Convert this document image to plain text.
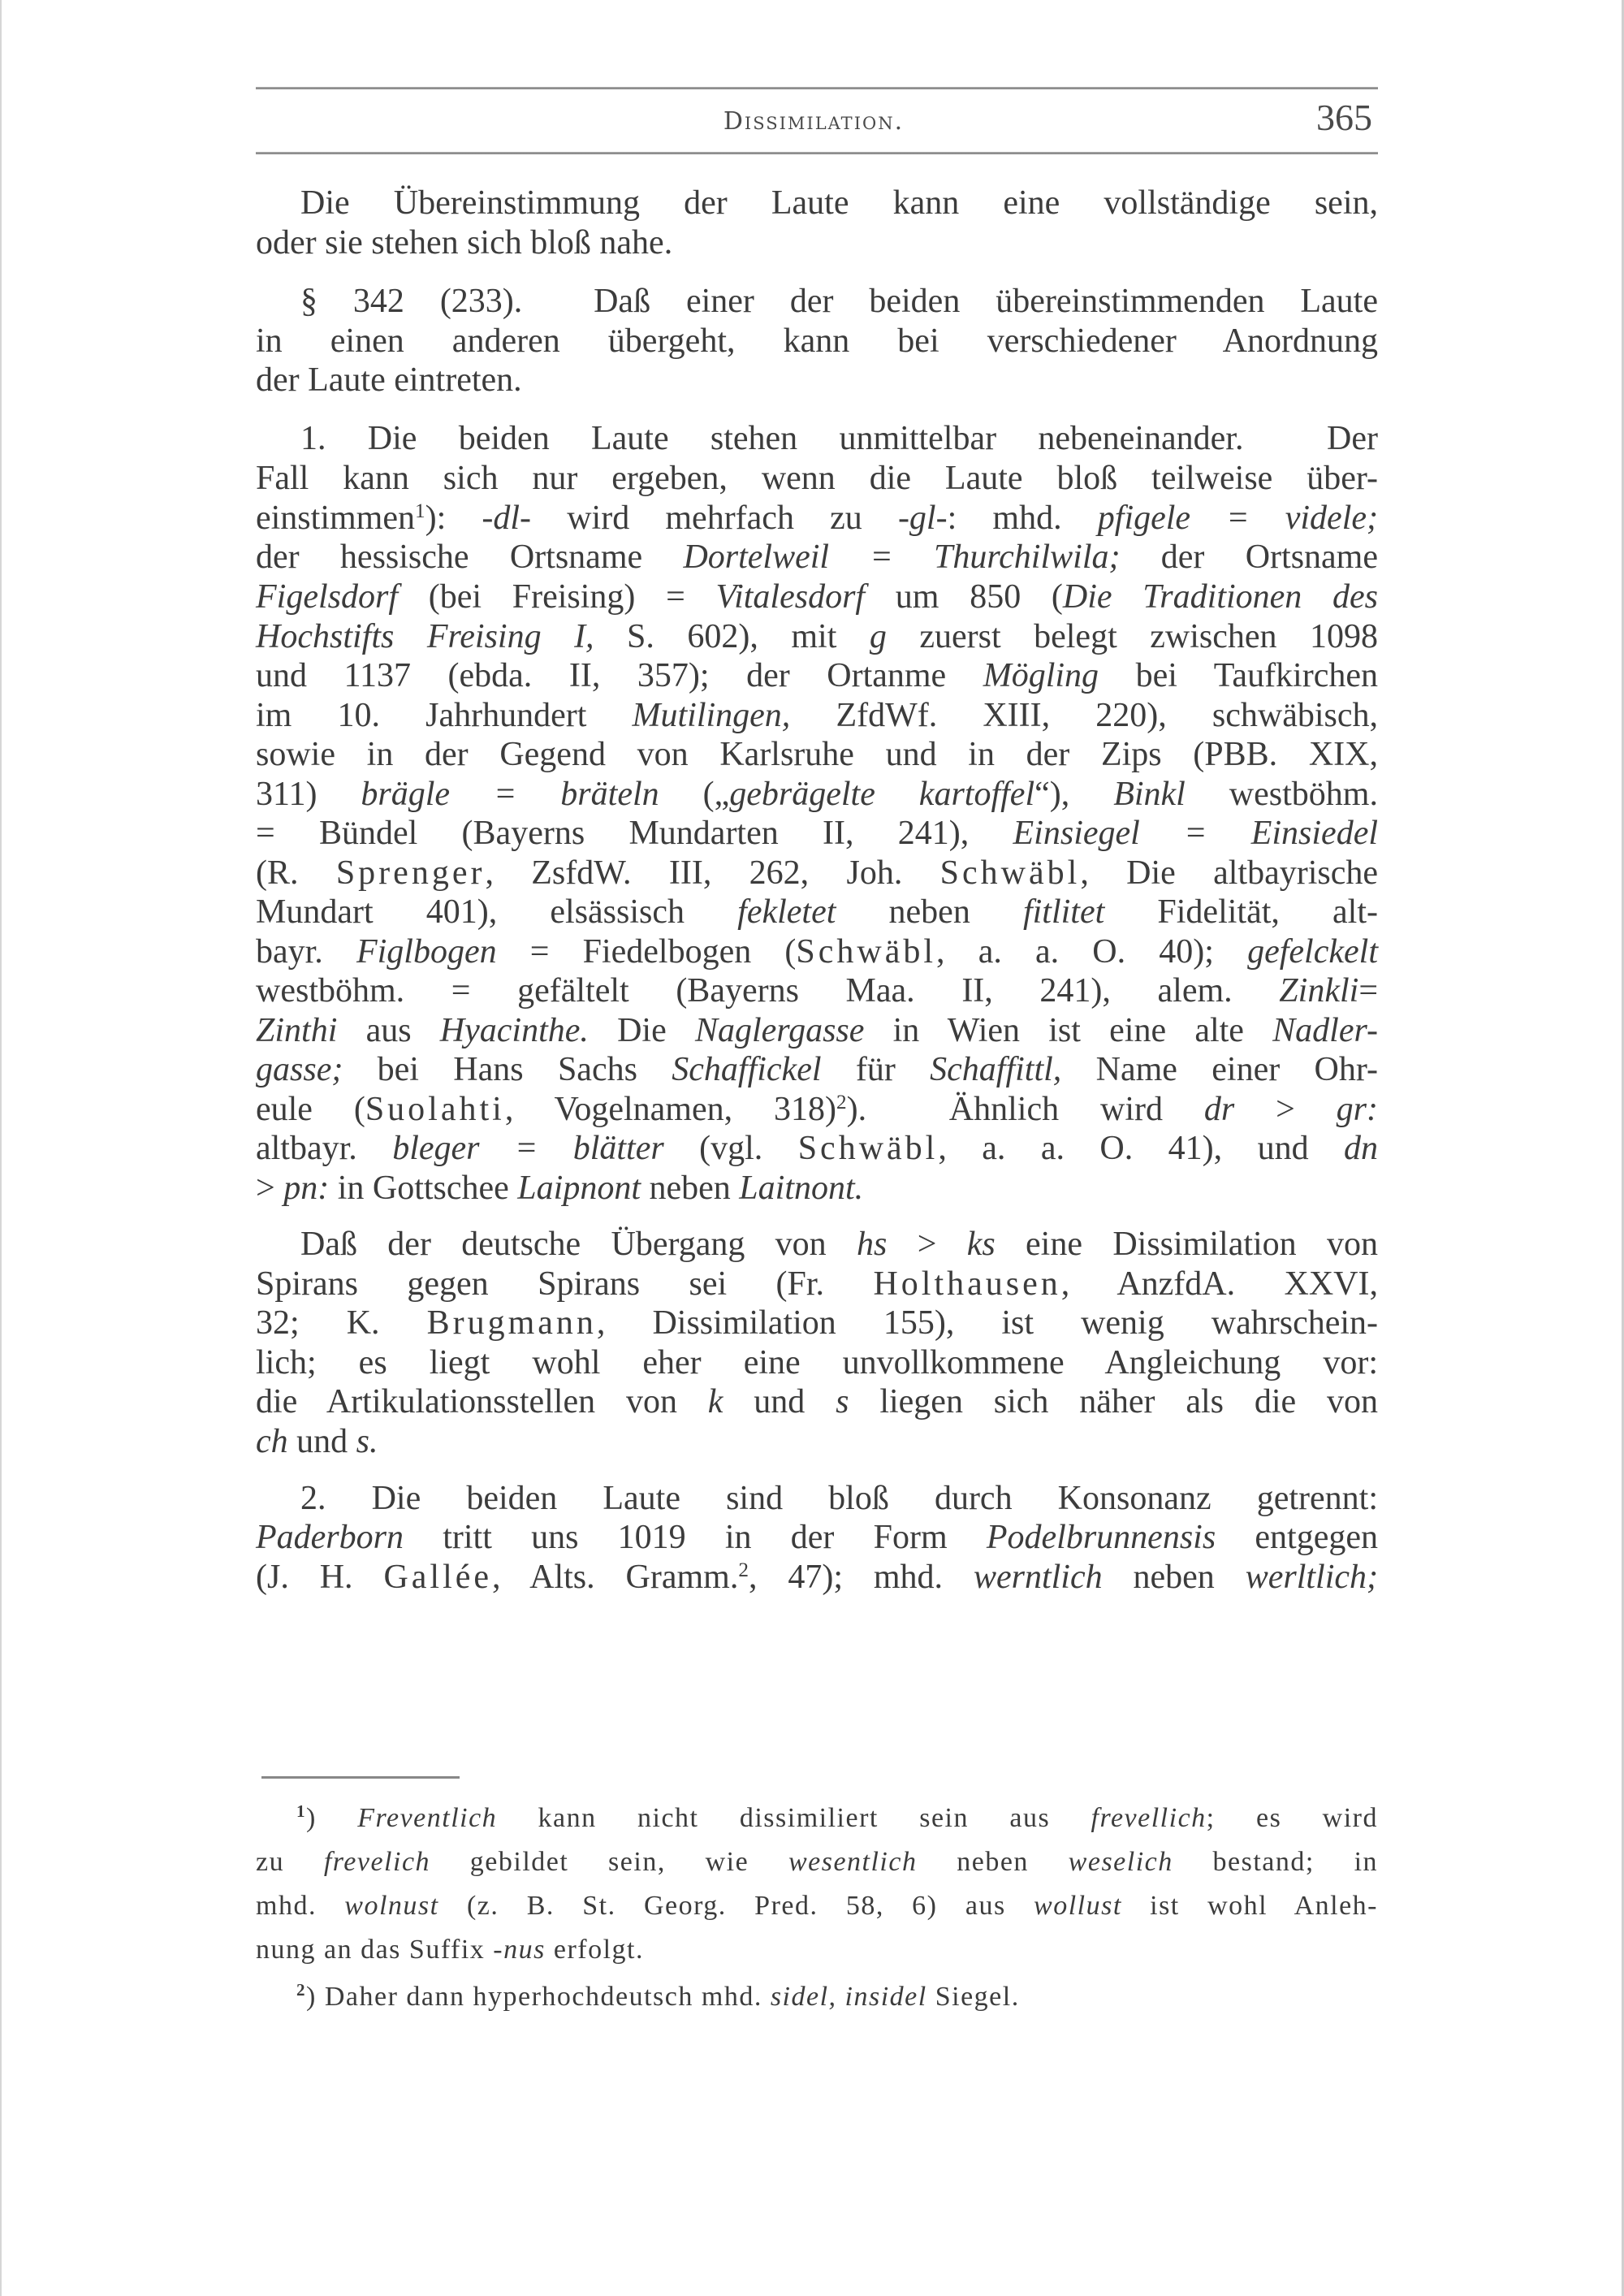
Dissimilation.	365
Die Übereinstimmung der Laute kann eine vollständige sein,
oder sie stehen sich bloß nahe.
§ 342 (233).  Daß einer der beiden übereinstimmenden Laute
in einen anderen übergeht, kann bei verschiedener Anordnung
der Laute eintreten.
1. Die beiden Laute stehen unmittelbar nebeneinander.  Der
Fall kann sich nur ergeben, wenn die Laute bloß teilweise über-
einstimmen$^1$): -dl- wird mehrfach zu -gl-: mhd. pfigele = videle;
der hessische Ortsname Dortelweil = Thurchilwila; der Ortsname
Figelsdorf (bei Freising) = Vitalesdorf um 850 (Die Traditionen des
Hochstifts Freising I, S. 602), mit g zuerst belegt zwischen 1098
und 1137 (ebda. II, 357); der Ortanme Mögling bei Taufkirchen
im 10. Jahrhundert Mutilingen, ZfdWf. XIII, 220), schwäbisch,
sowie in der Gegend von Karlsruhe und in der Zips (PBB. XIX,
311) brägle = bräteln („gebrägelte kartoffel“), Binkl westböhm.
= Bündel (Bayerns Mundarten II, 241), Einsiegel = Einsiedel
(R. Sprenger, ZsfdW. III, 262, Joh. Schwäbl, Die altbayrische
Mundart 401), elsässisch fekletet neben fitlitet Fidelität, alt-
bayr. Figlbogen = Fiedelbogen (Schwäbl, a. a. O. 40); gefelckelt
westböhm. = gefältelt (Bayerns Maa. II, 241), alem. Zinkli=
Zinthi aus Hyacinthe. Die Naglergasse in Wien ist eine alte Nadler-
gasse; bei Hans Sachs Schaffickel für Schaffittl, Name einer Ohr-
eule (Suolahti, Vogelnamen, 318)$^2$).  Ähnlich wird dr > gr:
altbayr. bleger = blätter (vgl. Schwäbl, a. a. O. 41), und dn
> pn: in Gottschee Laipnont neben Laitnont.
Daß der deutsche Übergang von hs > ks eine Dissimilation von
Spirans gegen Spirans sei (Fr. Holthausen, AnzfdA. XXVI,
32; K. Brugmann, Dissimilation 155), ist wenig wahrschein-
lich; es liegt wohl eher eine unvollkommene Angleichung vor:
die Artikulationsstellen von k und s liegen sich näher als die von
ch und s.
2. Die beiden Laute sind bloß durch Konsonanz getrennt:
Paderborn tritt uns 1019 in der Form Podelbrunnensis entgegen
(J. H. Gallée, Alts. Gramm.$^2$, 47); mhd. werntlich neben werltlich;
$^1$) Freventlich kann nicht dissimiliert sein aus frevellich; es wird
zu frevelich gebildet sein, wie wesentlich neben weselich bestand; in
mhd. wolnust (z. B. St. Georg. Pred. 58, 6) aus wollust ist wohl Anleh-
nung an das Suffix -nus erfolgt.
$^2$) Daher dann hyperhochdeutsch mhd. sidel, insidel Siegel.
